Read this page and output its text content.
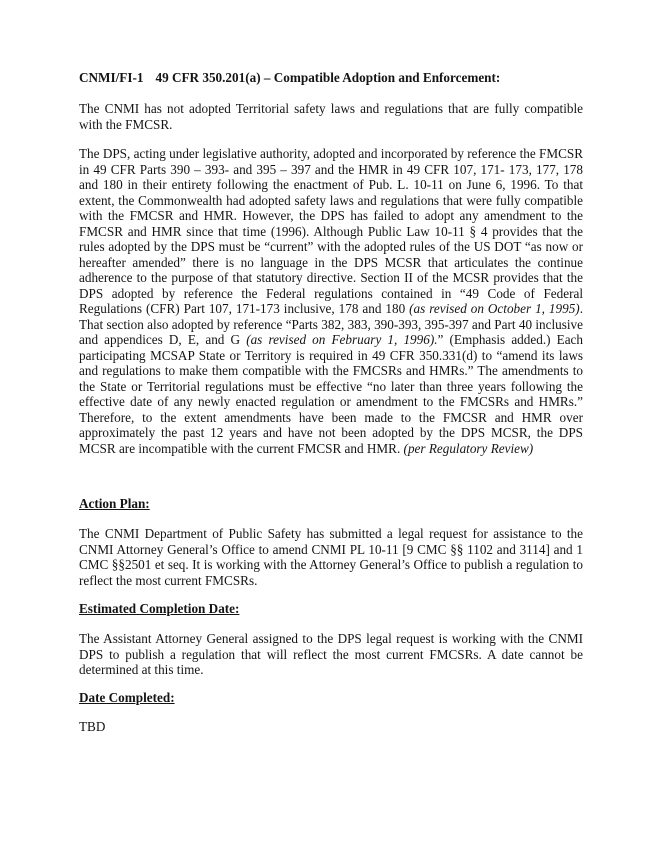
CNMI/FI-1 49 CFR 350.201(a) – Compatible Adoption and Enforcement:

The CNMI has not adopted Territorial safety laws and regulations that are fully compatible with the FMCSR.

The DPS, acting under legislative authority, adopted and incorporated by reference the FMCSR in 49 CFR Parts 390 – 393- and 395 – 397 and the HMR in 49 CFR 107, 171- 173, 177, 178 and 180 in their entirety following the enactment of Pub. L. 10-11 on June 6, 1996. To that extent, the Commonwealth had adopted safety laws and regulations that were fully compatible with the FMCSR and HMR. However, the DPS has failed to adopt any amendment to the FMCSR and HMR since that time (1996). Although Public Law 10-11 § 4 provides that the rules adopted by the DPS must be “current” with the adopted rules of the US DOT “as now or hereafter amended” there is no language in the DPS MCSR that articulates the continue adherence to the purpose of that statutory directive. Section II of the MCSR provides that the DPS adopted by reference the Federal regulations contained in “49 Code of Federal Regulations (CFR) Part 107, 171-173 inclusive, 178 and 180 (as revised on October 1, 1995). That section also adopted by reference “Parts 382, 383, 390-393, 395-397 and Part 40 inclusive and appendices D, E, and G (as revised on February 1, 1996).” (Emphasis added.) Each participating MCSAP State or Territory is required in 49 CFR 350.331(d) to “amend its laws and regulations to make them compatible with the FMCSRs and HMRs.” The amendments to the State or Territorial regulations must be effective “no later than three years following the effective date of any newly enacted regulation or amendment to the FMCSRs and HMRs.” Therefore, to the extent amendments have been made to the FMCSR and HMR over approximately the past 12 years and have not been adopted by the DPS MCSR, the DPS MCSR are incompatible with the current FMCSR and HMR. (per Regulatory Review)

Action Plan:

The CNMI Department of Public Safety has submitted a legal request for assistance to the CNMI Attorney General’s Office to amend CNMI PL 10-11 [9 CMC §§ 1102 and 3114] and 1 CMC §§2501 et seq. It is working with the Attorney General’s Office to publish a regulation to reflect the most current FMCSRs.

Estimated Completion Date:

The Assistant Attorney General assigned to the DPS legal request is working with the CNMI DPS to publish a regulation that will reflect the most current FMCSRs. A date cannot be determined at this time.

Date Completed:

TBD
